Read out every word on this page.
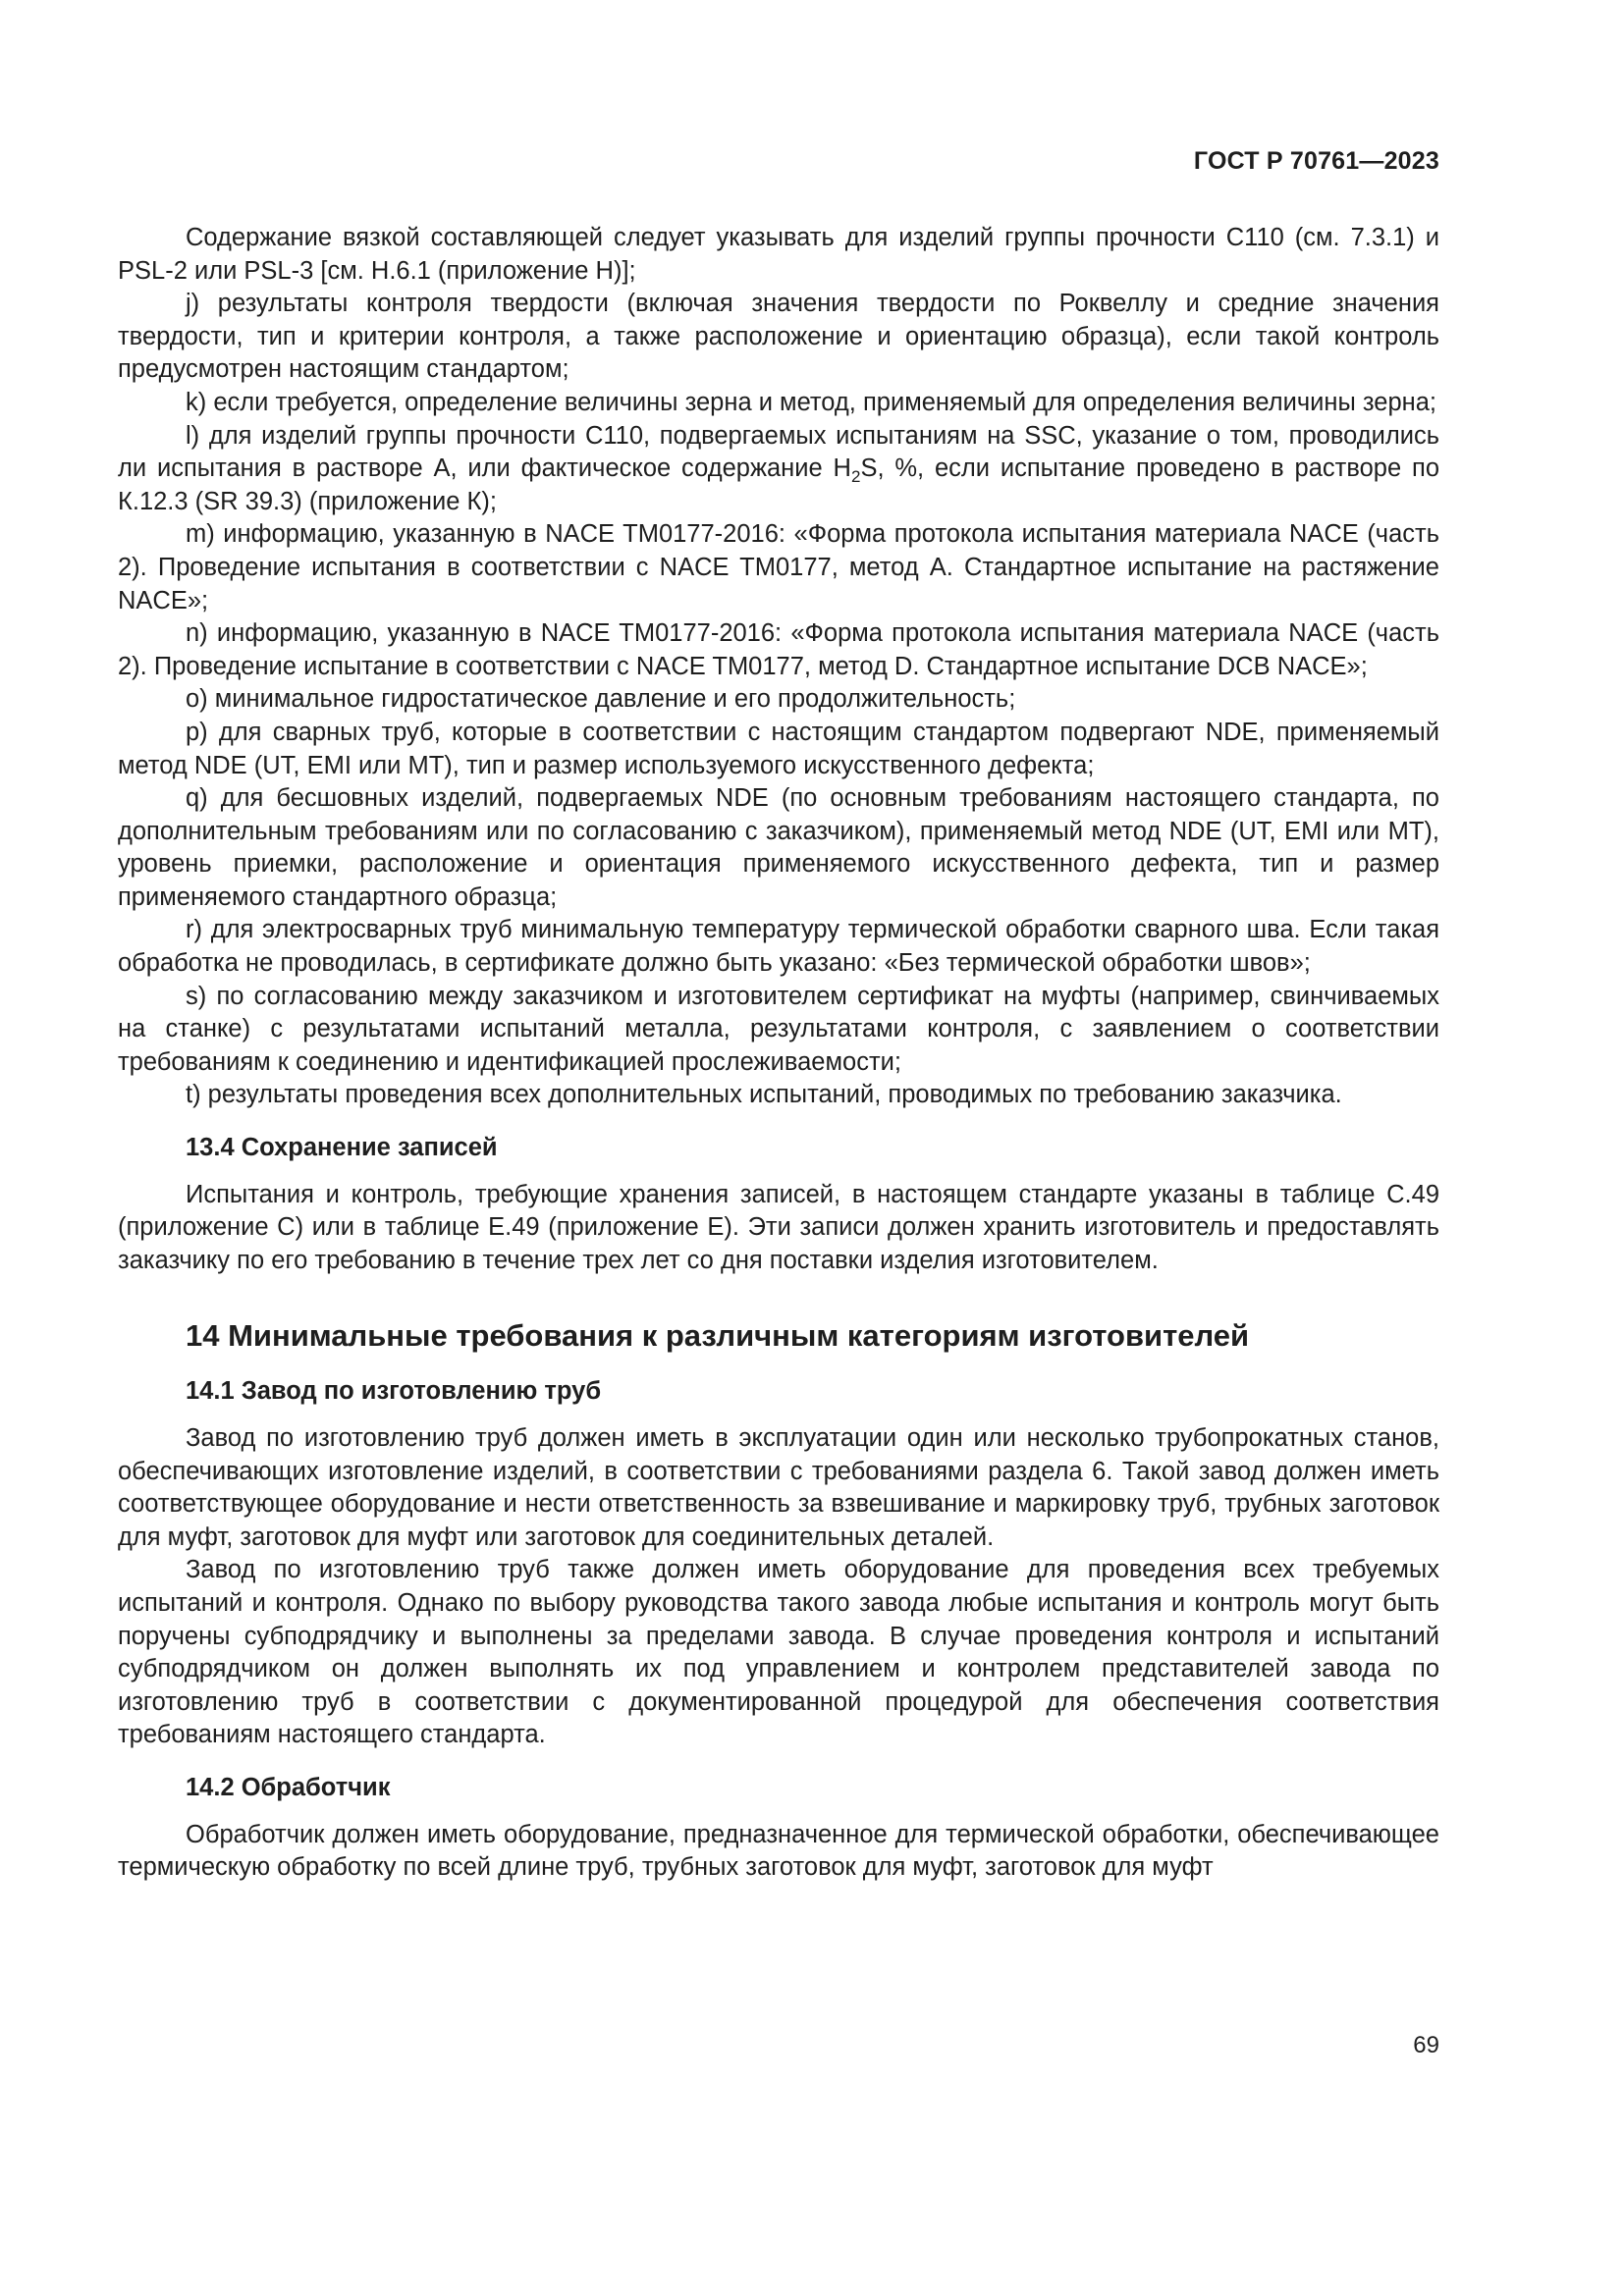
ГОСТ Р 70761—2023

Содержание вязкой составляющей следует указывать для изделий группы прочности С110 (см. 7.3.1) и PSL-2 или PSL-3 [см. Н.6.1 (приложение Н)];

j) результаты контроля твердости (включая значения твердости по Роквеллу и средние значения твердости, тип и критерии контроля, а также расположение и ориентацию образца), если такой контроль предусмотрен настоящим стандартом;

k) если требуется, определение величины зерна и метод, применяемый для определения величины зерна;

l) для изделий группы прочности С110, подвергаемых испытаниям на SSC, указание о том, проводились ли испытания в растворе А, или фактическое содержание $H_2S$, %, если испытание проведено в растворе по К.12.3 (SR 39.3) (приложение К);

m) информацию, указанную в NACE TM0177-2016: «Форма протокола испытания материала NACE (часть 2). Проведение испытания в соответствии с NACE TM0177, метод А. Стандартное испытание на растяжение NACE»;

n) информацию, указанную в NACE TM0177-2016: «Форма протокола испытания материала NACE (часть 2). Проведение испытание в соответствии с NACE TM0177, метод D. Стандартное испытание DCB NACE»;

o) минимальное гидростатическое давление и его продолжительность;

p) для сварных труб, которые в соответствии с настоящим стандартом подвергают NDE, применяемый метод NDE (UT, EMI или MT), тип и размер используемого искусственного дефекта;

q) для бесшовных изделий, подвергаемых NDE (по основным требованиям настоящего стандарта, по дополнительным требованиям или по согласованию с заказчиком), применяемый метод NDE (UT, EMI или MT), уровень приемки, расположение и ориентация применяемого искусственного дефекта, тип и размер применяемого стандартного образца;

r) для электросварных труб минимальную температуру термической обработки сварного шва. Если такая обработка не проводилась, в сертификате должно быть указано: «Без термической обработки швов»;

s) по согласованию между заказчиком и изготовителем сертификат на муфты (например, свинчиваемых на станке) с результатами испытаний металла, результатами контроля, с заявлением о соответствии требованиям к соединению и идентификацией прослеживаемости;

t) результаты проведения всех дополнительных испытаний, проводимых по требованию заказчика.

13.4 Сохранение записей

Испытания и контроль, требующие хранения записей, в настоящем стандарте указаны в таблице С.49 (приложение С) или в таблице Е.49 (приложение Е). Эти записи должен хранить изготовитель и предоставлять заказчику по его требованию в течение трех лет со дня поставки изделия изготовителем.

14 Минимальные требования к различным категориям изготовителей
14.1 Завод по изготовлению труб

Завод по изготовлению труб должен иметь в эксплуатации один или несколько трубопрокатных станов, обеспечивающих изготовление изделий, в соответствии с требованиями раздела 6. Такой завод должен иметь соответствующее оборудование и нести ответственность за взвешивание и маркировку труб, трубных заготовок для муфт, заготовок для муфт или заготовок для соединительных деталей.

Завод по изготовлению труб также должен иметь оборудование для проведения всех требуемых испытаний и контроля. Однако по выбору руководства такого завода любые испытания и контроль могут быть поручены субподрядчику и выполнены за пределами завода. В случае проведения контроля и испытаний субподрядчиком он должен выполнять их под управлением и контролем представителей завода по изготовлению труб в соответствии с документированной процедурой для обеспечения соответствия требованиям настоящего стандарта.

14.2 Обработчик

Обработчик должен иметь оборудование, предназначенное для термической обработки, обеспечивающее термическую обработку по всей длине труб, трубных заготовок для муфт, заготовок для муфт

69
